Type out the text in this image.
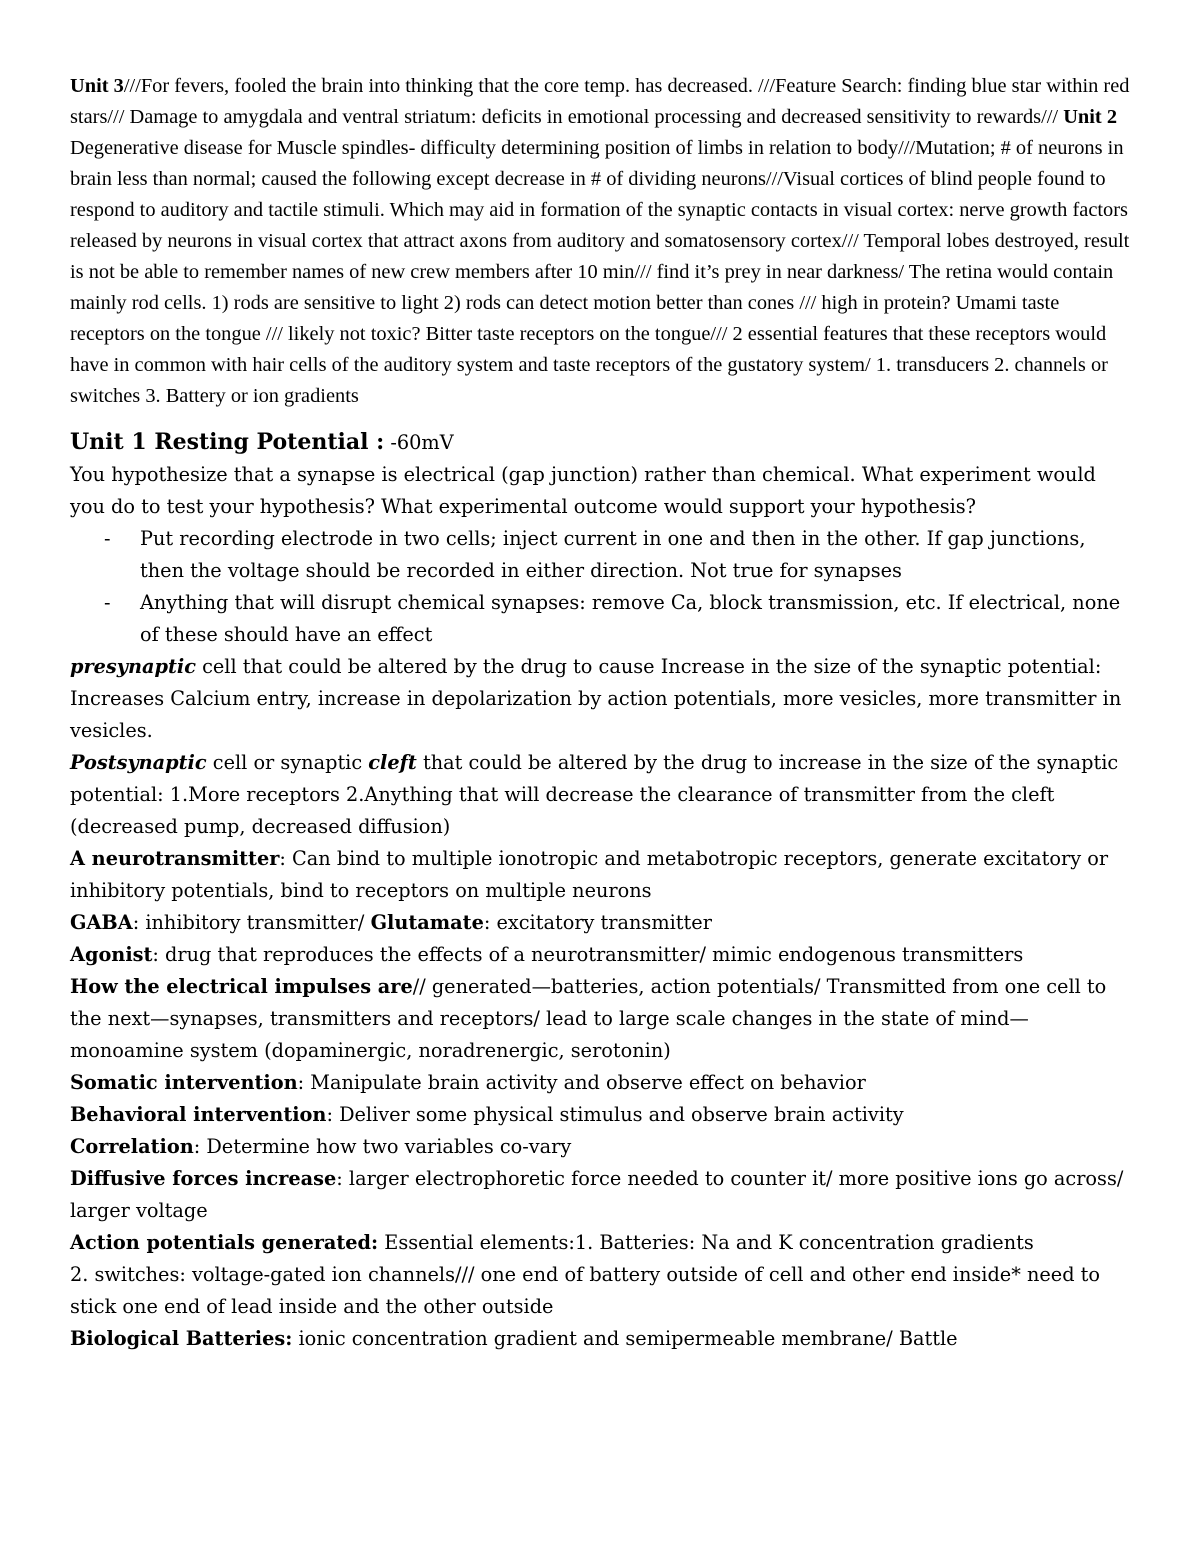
Unit 3///For fevers, fooled the brain into thinking that the core temp. has decreased. ///Feature Search: finding blue star within red stars/// Damage to amygdala and ventral striatum: deficits in emotional processing and decreased sensitivity to rewards/// Unit 2 Degenerative disease for Muscle spindles- difficulty determining position of limbs in relation to body///Mutation; # of neurons in brain less than normal; caused the following except decrease in # of dividing neurons///Visual cortices of blind people found to respond to auditory and tactile stimuli. Which may aid in formation of the synaptic contacts in visual cortex: nerve growth factors released by neurons in visual cortex that attract axons from auditory and somatosensory cortex/// Temporal lobes destroyed, result is not be able to remember names of new crew members after 10 min/// find it’s prey in near darkness/ The retina would contain mainly rod cells. 1) rods are sensitive to light 2) rods can detect motion better than cones /// high in protein? Umami taste receptors on the tongue /// likely not toxic? Bitter taste receptors on the tongue/// 2 essential features that these receptors would have in common with hair cells of the auditory system and taste receptors of the gustatory system/ 1. transducers 2. channels or switches 3. Battery or ion gradients

Unit 1 Resting Potential : -60mV

You hypothesize that a synapse is electrical (gap junction) rather than chemical. What experiment would you do to test your hypothesis? What experimental outcome would support your hypothesis?

- Put recording electrode in two cells; inject current in one and then in the other. If gap junctions, then the voltage should be recorded in either direction. Not true for synapses
- Anything that will disrupt chemical synapses: remove Ca, block transmission, etc. If electrical, none of these should have an effect

presynaptic cell that could be altered by the drug to cause Increase in the size of the synaptic potential: Increases Calcium entry, increase in depolarization by action potentials, more vesicles, more transmitter in vesicles.

Postsynaptic cell or synaptic cleft that could be altered by the drug to increase in the size of the synaptic potential: 1.More receptors 2.Anything that will decrease the clearance of transmitter from the cleft (decreased pump, decreased diffusion)

A neurotransmitter: Can bind to multiple ionotropic and metabotropic receptors, generate excitatory or inhibitory potentials, bind to receptors on multiple neurons

GABA: inhibitory transmitter/ Glutamate: excitatory transmitter

Agonist: drug that reproduces the effects of a neurotransmitter/ mimic endogenous transmitters

How the electrical impulses are// generated—batteries, action potentials/ Transmitted from one cell to the next—synapses, transmitters and receptors/ lead to large scale changes in the state of mind—monoamine system (dopaminergic, noradrenergic, serotonin)

Somatic intervention: Manipulate brain activity and observe effect on behavior

Behavioral intervention: Deliver some physical stimulus and observe brain activity

Correlation: Determine how two variables co-vary

Diffusive forces increase: larger electrophoretic force needed to counter it/ more positive ions go across/ larger voltage

Action potentials generated: Essential elements:1. Batteries: Na and K concentration gradients

2. switches: voltage-gated ion channels/// one end of battery outside of cell and other end inside* need to stick one end of lead inside and the other outside

Biological Batteries: ionic concentration gradient and semipermeable membrane/ Battle
